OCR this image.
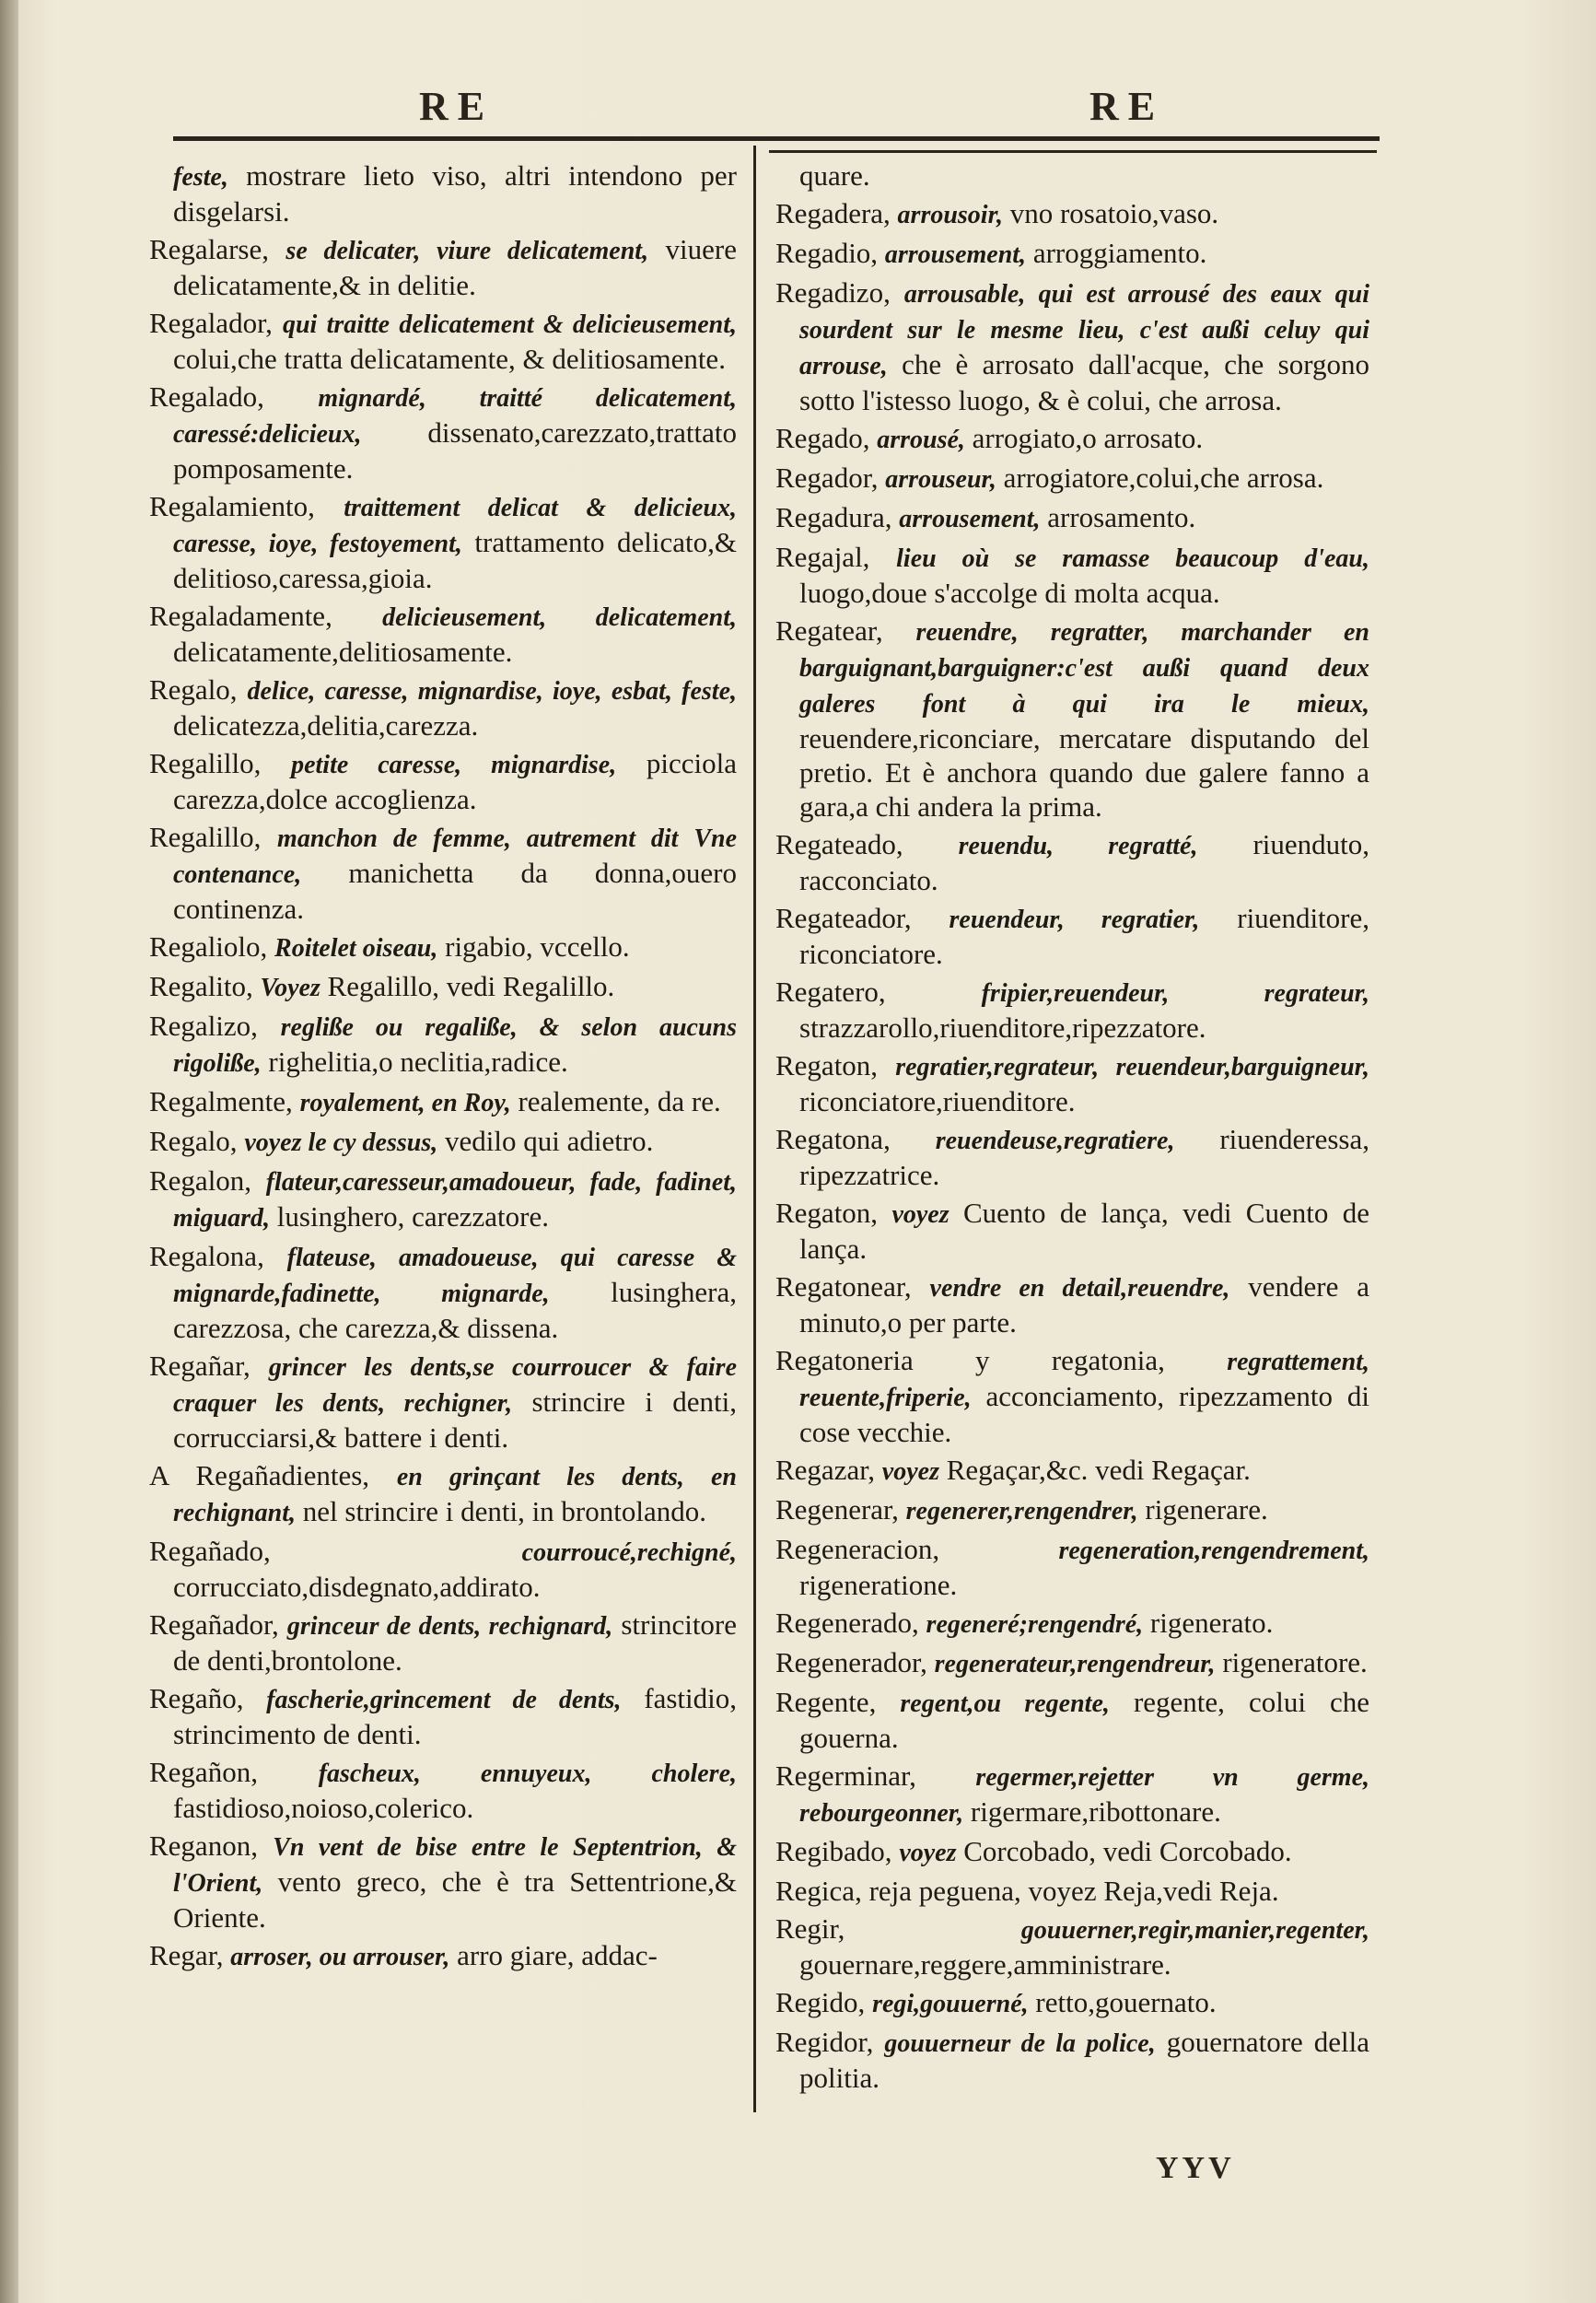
RE	RE
feste, mostrare lieto viso, altri intendono per disgelarsi.
Regalarse, se delicater, viure delicatement, viuere delicatamente,& in delitie.
Regalador, qui traitte delicatement & delicieusement, colui,che tratta delicatamente, & delitiosamente.
Regalado, mignardé, traitté delicatement, caressé:delicieux, dissenato,carezzato,trattato pomposamente.
Regalamiento, traittement delicat & delicieux, caresse, ioye, festoyement, trattamento delicato,& delitioso,caressa,gioia.
Regaladamente, delicieusement, delicatement, delicatamente,delitiosamente.
Regalo, delice, caresse, mignardise, ioye, esbat, feste, delicatezza,delitia,carezza.
Regalillo, petite caresse, mignardise, picciola carezza,dolce accoglienza.
Regalillo, manchon de femme, autrement dit Vne contenance, manichetta da donna,ouero continenza.
Regaliolo, Roitelet oiseau, rigabio, vccello.
Regalito, Voyez Regalillo, vedi Regalillo.
Regalizo, regliße ou regaliße, & selon aucuns rigoliße, righelitia,o neclitia,radice.
Regalmente, royalement, en Roy, realemente, da re.
Regalo, voyez le cy dessus, vedilo qui adietro.
Regalon, flateur,caresseur,amadoueur, fade, fadinet, miguard, lusinghero, carezzatore.
Regalona, flateuse, amadoueuse, qui caresse & mignarde,fadinette, mignarde, lusinghera, carezzosa, che carezza,& dissena.
Regañar, grincer les dents,se courroucer & faire craquer les dents, rechigner, strincire i denti, corrucciarsi,& battere i denti.
A Regañadientes, en grinçant les dents, en rechignant, nel strincire i denti, in brontolando.
Regañado,	courroucé,rechigné, corrucciato,disdegnato,addirato.
Regañador, grinceur de dents, rechignard, strincitore de denti,brontolone.
Regaño, fascherie,grincement de dents, fastidio, strincimento de denti.
Regañon, fascheux, ennuyeux, cholere, fastidioso,noioso,colerico.
Reganon, Vn vent de bise entre le Septentrion, & l'Orient, vento greco, che è tra Settentrione,& Oriente.
Regar, arroser, ou arrouser, arro giare, addac-
quare.
Regadera, arrousoir, vno rosatoio,vaso.
Regadio, arrousement, arroggiamento.
Regadizo, arrousable, qui est arrousé des eaux qui sourdent sur le mesme lieu, c'est außi celuy qui arrouse, che è arrosato dall'acque, che sorgono sotto l'istesso luogo, & è colui, che arrosa.
Regado, arrousé, arrogiato,o arrosato.
Regador, arrouseur, arrogiatore,colui,che arrosa.
Regadura, arrousement, arrosamento.
Regajal, lieu où se ramasse beaucoup d'eau, luogo,doue s'accolge di molta acqua.
Regatear, reuendre, regratter, marchander en barguignant,barguigner:c'est außi quand deux galeres font à qui ira le mieux, reuendere,riconciare, mercatare disputando del pretio. Et è anchora quando due galere fanno a gara,a chi andera la prima.
Regateado, reuendu, regratté, riuenduto, racconciato.
Regateador, reuendeur, regratier, riuenditore, riconciatore.
Regatero,	fripier,reuendeur, regrateur, strazzarollo,riuenditore,ripezzatore.
Regaton, regratier,regrateur, reuendeur,barguigneur, riconciatore,riuenditore.
Regatona, reuendeuse,regratiere, riuenderessa, ripezzatrice.
Regaton, voyez Cuento de lança, vedi Cuento de lança.
Regatonear, vendre en detail,reuendre, vendere a minuto,o per parte.
Regatoneria y regatonia, regrattement, reuente,friperie, acconciamento, ripezzamento di cose vecchie.
Regazar, voyez Regaçar,&c. vedi Regaçar.
Regenerar, regenerer,rengendrer, rigenerare.
Regeneracion,	regeneration,rengendrement, rigeneratione.
Regenerado, regeneré;rengendré, rigenerato.
Regenerador, regenerateur,rengendreur, rigeneratore.
Regente, regent,ou regente, regente, colui che gouerna.
Regerminar, regermer,rejetter vn germe, rebourgeonner, rigermare,ribottonare.
Regibado, voyez Corcobado, vedi Corcobado.
Regica, reja peguena, voyez Reja,vedi Reja.
Regir,	gouuerner,regir,manier,regenter, gouernare,reggere,amministrare.
Regido, regi,gouuerné, retto,gouernato.
Regidor, gouuerneur de la police, gouernatore della politia.
YYV
